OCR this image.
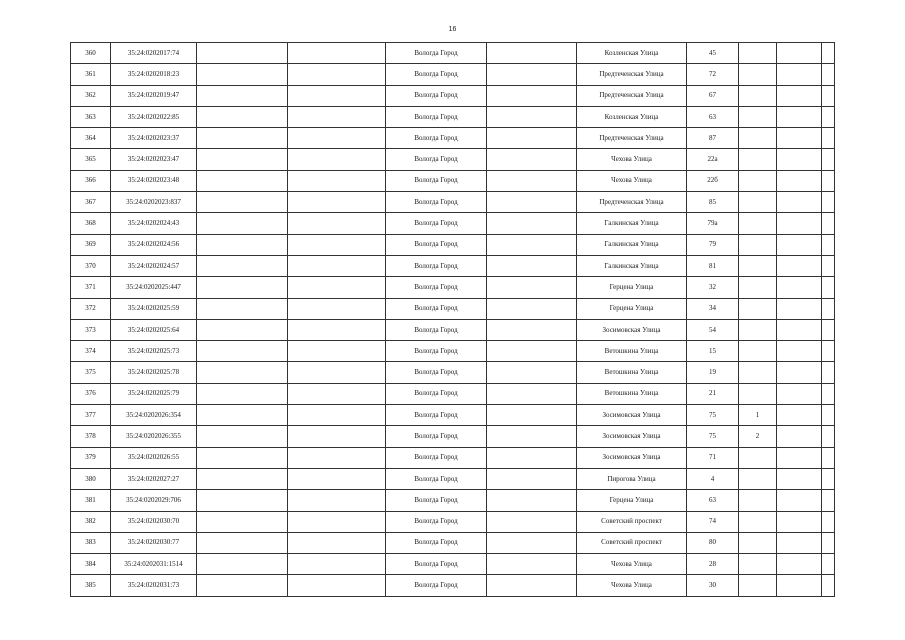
16
360	35:24:0202017:74			Вологда Город		Козленская Улица	45			
361	35:24:0202018:23			Вологда Город		Предтеченская Улица	72			
362	35:24:0202019:47			Вологда Город		Предтеченская Улица	67			
363	35:24:0202022:85			Вологда Город		Козленская Улица	63			
364	35:24:0202023:37			Вологда Город		Предтеченская Улица	87			
365	35:24:0202023:47			Вологда Город		Чехова Улица	22а			
366	35:24:0202023:48			Вологда Город		Чехова Улица	22б			
367	35:24:0202023:837			Вологда Город		Предтеченская Улица	85			
368	35:24:0202024:43			Вологда Город		Галкинская Улица	79а			
369	35:24:0202024:56			Вологда Город		Галкинская Улица	79			
370	35:24:0202024:57			Вологда Город		Галкинская Улица	81			
371	35:24:0202025:447			Вологда Город		Герцена Улица	32			
372	35:24:0202025:59			Вологда Город		Герцена Улица	34			
373	35:24:0202025:64			Вологда Город		Зосимовская Улица	54			
374	35:24:0202025:73			Вологда Город		Ветошкина Улица	15			
375	35:24:0202025:78			Вологда Город		Ветошкина Улица	19			
376	35:24:0202025:79			Вологда Город		Ветошкина Улица	21			
377	35:24:0202026:354			Вологда Город		Зосимовская Улица	75	1		
378	35:24:0202026:355			Вологда Город		Зосимовская Улица	75	2		
379	35:24:0202026:55			Вологда Город		Зосимовская Улица	71			
380	35:24:0202027:27			Вологда Город		Пирогова Улица	4			
381	35:24:0202029:706			Вологда Город		Герцена Улица	63			
382	35:24:0202030:70			Вологда Город		Советский проспект	74			
383	35:24:0202030:77			Вологда Город		Советский проспект	80			
384	35:24:0202031:1514			Вологда Город		Чехова Улица	28			
385	35:24:0202031:73			Вологда Город		Чехова Улица	30			
